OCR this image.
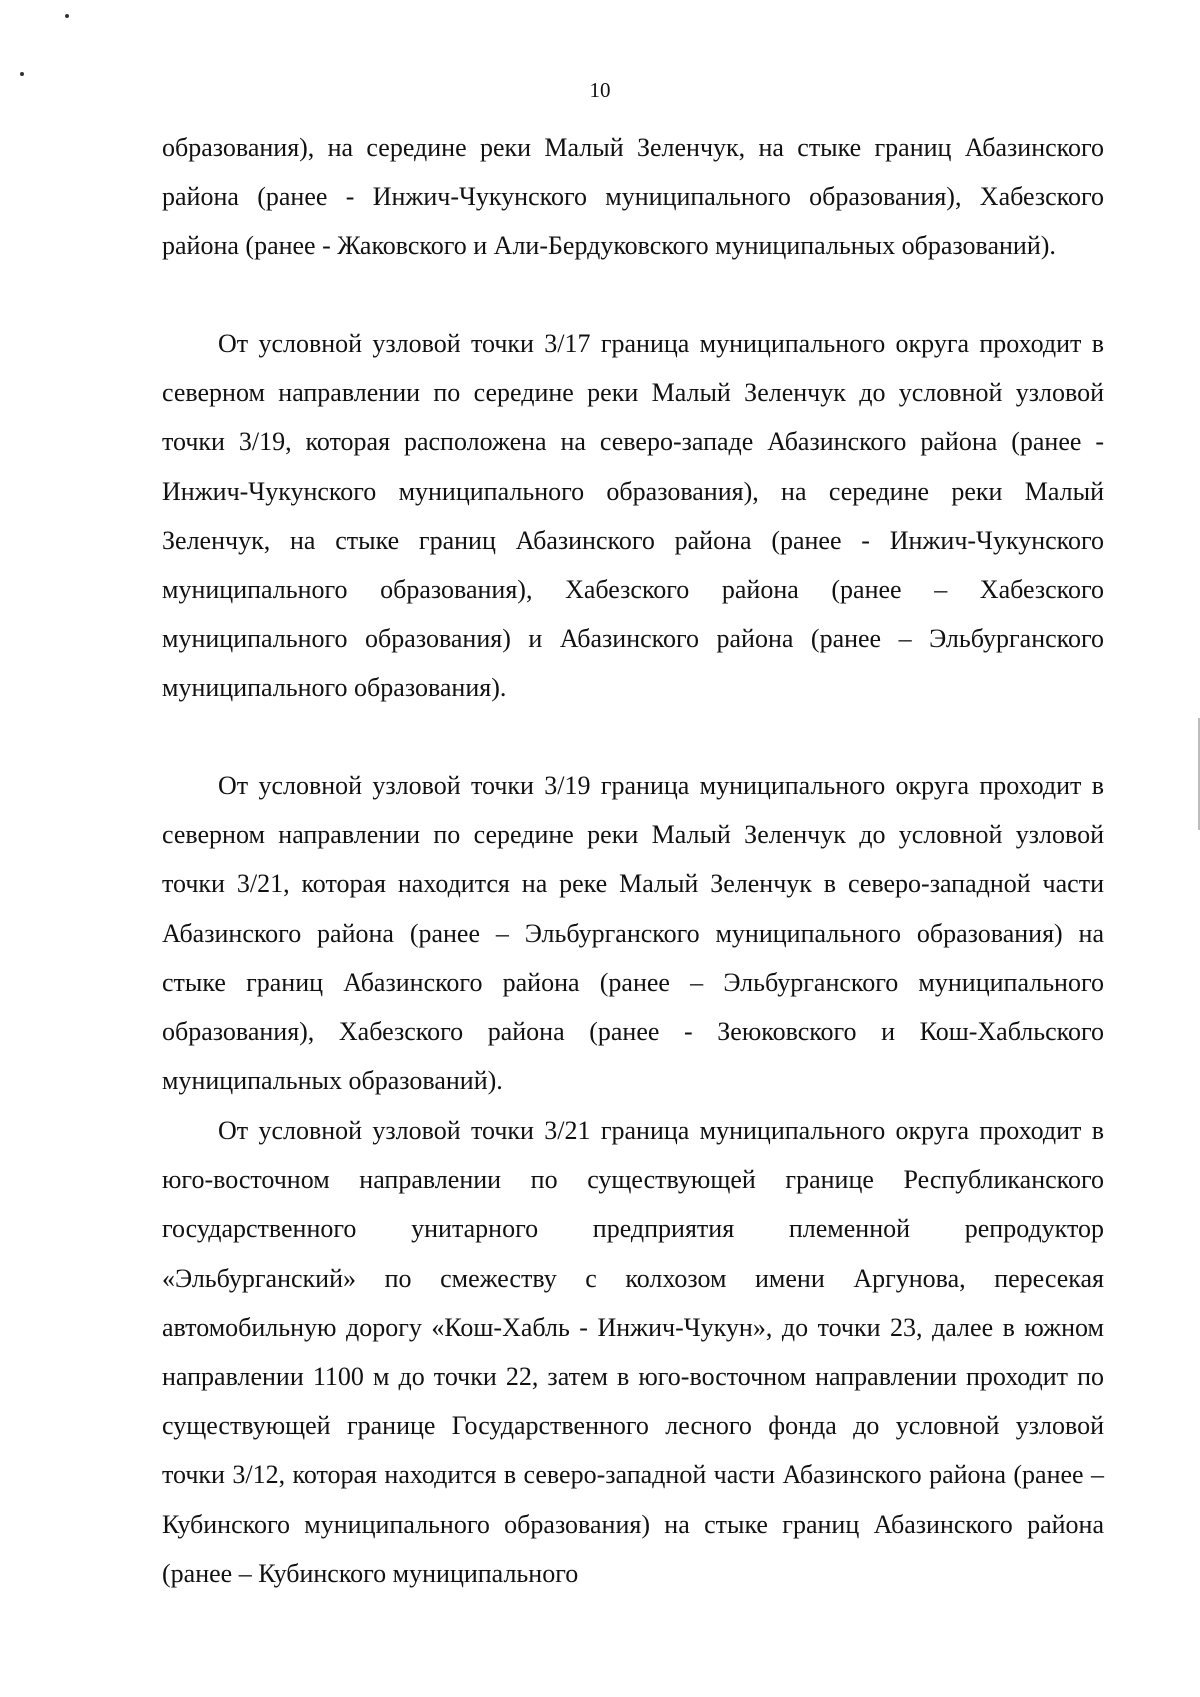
10

образования), на середине реки Малый Зеленчук, на стыке границ Абазинского района (ранее - Инжич-Чукунского муниципального образования), Хабезского района (ранее - Жаковского и Али-Бердуковского муниципальных образований).

От условной узловой точки 3/17 граница муниципального округа проходит в северном направлении по середине реки Малый Зеленчук до условной узловой точки 3/19, которая расположена на северо-западе Абазинского района (ранее - Инжич-Чукунского муниципального образования), на середине реки Малый Зеленчук, на стыке границ Абазинского района (ранее - Инжич-Чукунского муниципального образования), Хабезского района (ранее – Хабезского муниципального образования) и Абазинского района (ранее – Эльбурганского муниципального образования).

От условной узловой точки 3/19 граница муниципального округа проходит в северном направлении по середине реки Малый Зеленчук до условной узловой точки 3/21, которая находится на реке Малый Зеленчук в северо-западной части Абазинского района (ранее – Эльбурганского муниципального образования) на стыке границ Абазинского района (ранее – Эльбурганского муниципального образования), Хабезского района (ранее - Зеюковского и Кош-Хабльского муниципальных образований).

От условной узловой точки 3/21 граница муниципального округа проходит в юго-восточном направлении по существующей границе Республиканского государственного унитарного предприятия племенной репродуктор «Эльбурганский» по смежеству с колхозом имени Аргунова, пересекая автомобильную дорогу «Кош-Хабль - Инжич-Чукун», до точки 23, далее в южном направлении 1100 м до точки 22, затем в юго-восточном направлении проходит по существующей границе Государственного лесного фонда до условной узловой точки 3/12, которая находится в северо-западной части Абазинского района (ранее – Кубинского муниципального образования) на стыке границ Абазинского района (ранее – Кубинского муниципального
